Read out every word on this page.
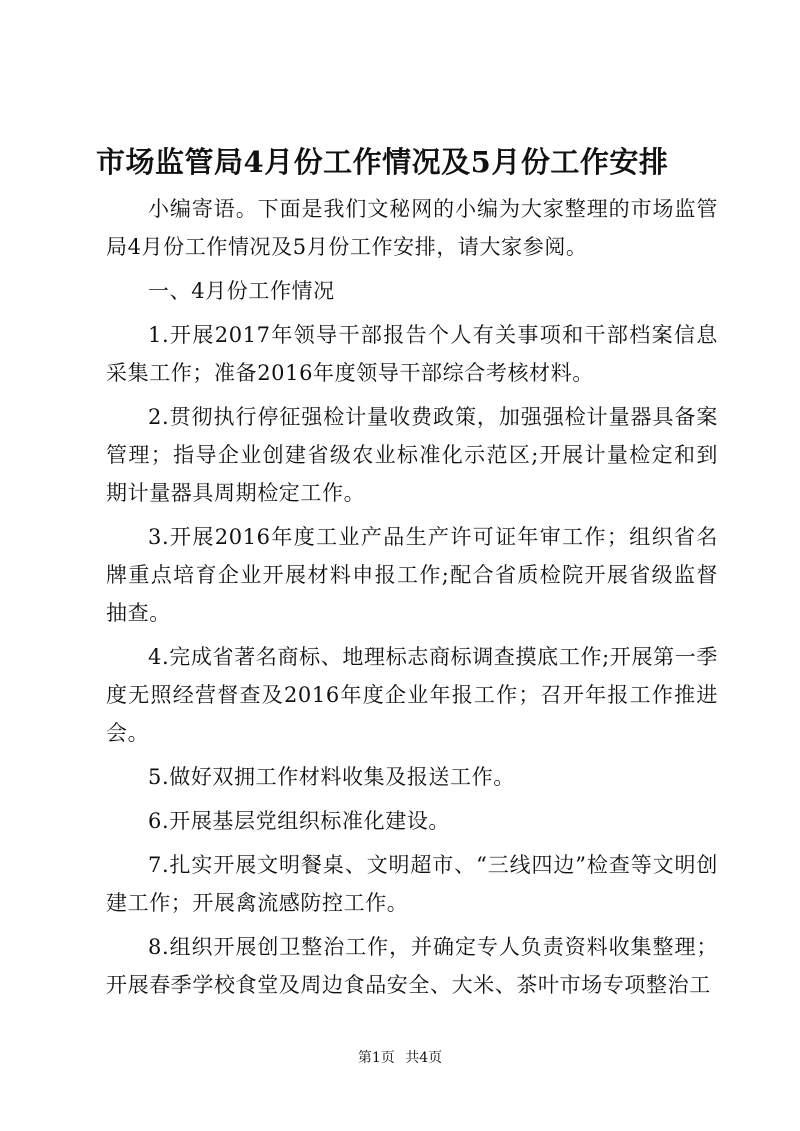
市场监管局4月份工作情况及5月份工作安排

小编寄语。下面是我们文秘网的小编为大家整理的市场监管局4月份工作情况及5月份工作安排，请大家参阅。

一、4月份工作情况

1.开展2017年领导干部报告个人有关事项和干部档案信息采集工作；准备2016年度领导干部综合考核材料。

2.贯彻执行停征强检计量收费政策，加强强检计量器具备案管理；指导企业创建省级农业标准化示范区;开展计量检定和到期计量器具周期检定工作。

3.开展2016年度工业产品生产许可证年审工作；组织省名牌重点培育企业开展材料申报工作;配合省质检院开展省级监督抽查。

4.完成省著名商标、地理标志商标调查摸底工作;开展第一季度无照经营督查及2016年度企业年报工作；召开年报工作推进会。

5.做好双拥工作材料收集及报送工作。

6.开展基层党组织标准化建设。

7.扎实开展文明餐桌、文明超市、“三线四边”检查等文明创建工作；开展禽流感防控工作。

8.组织开展创卫整治工作，并确定专人负责资料收集整理；开展春季学校食堂及周边食品安全、大米、茶叶市场专项整治工

第1页 共4页
